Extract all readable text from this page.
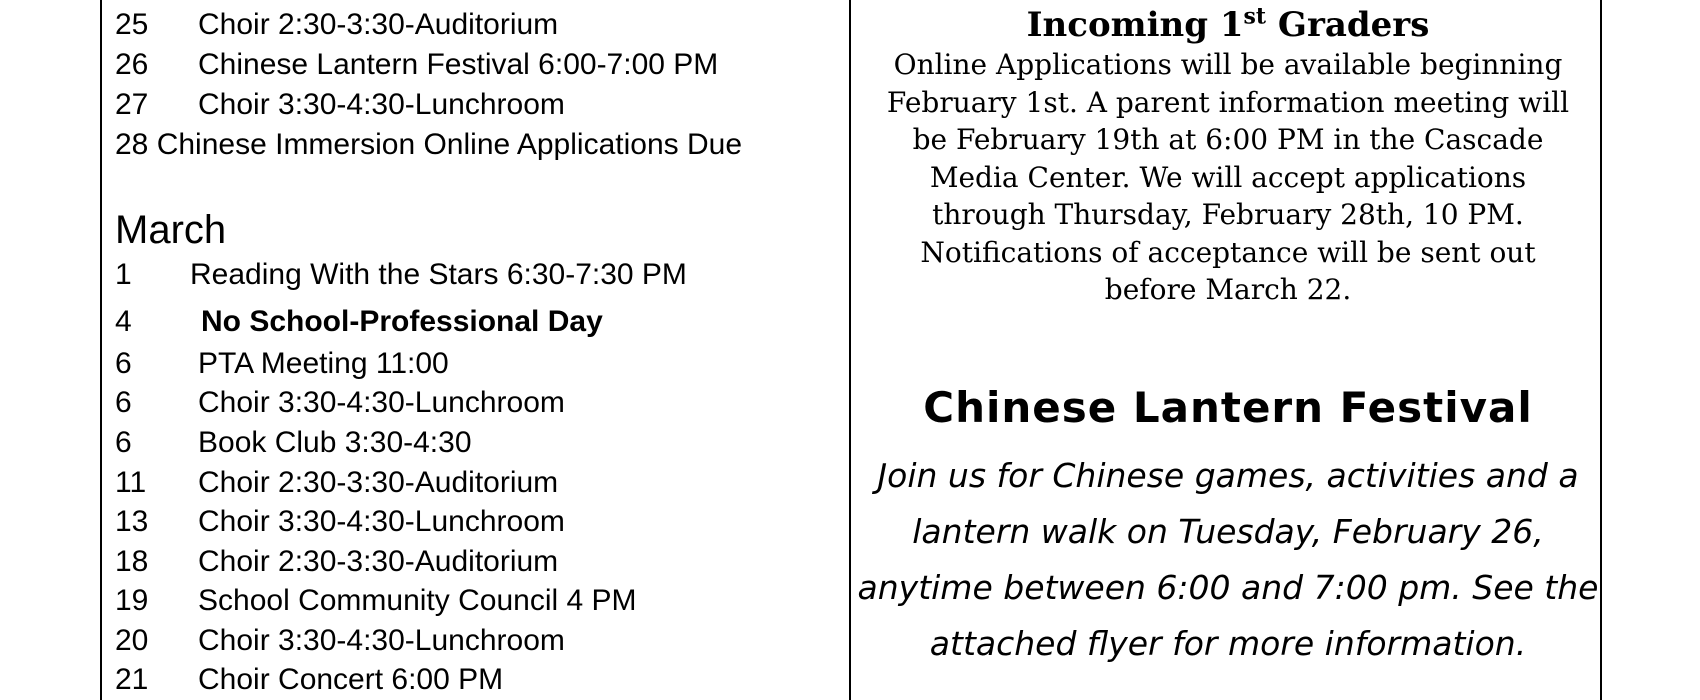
25 Choir 2:30-3:30-Auditorium
26 Chinese Lantern Festival 6:00-7:00 PM
27 Choir 3:30-4:30-Lunchroom
28 Chinese Immersion Online Applications Due
March
1 Reading With the Stars 6:30-7:30 PM
4 No School-Professional Day
6 PTA Meeting 11:00
6 Choir 3:30-4:30-Lunchroom
6 Book Club 3:30-4:30
11 Choir 2:30-3:30-Auditorium
13 Choir 3:30-4:30-Lunchroom
18 Choir 2:30-3:30-Auditorium
19 School Community Council 4 PM
20 Choir 3:30-4:30-Lunchroom
21 Choir Concert 6:00 PM
Incoming 1st Graders
Online Applications will be available beginning
February 1st. A parent information meeting will
be February 19th at 6:00 PM in the Cascade
Media Center. We will accept applications
through Thursday, February 28th, 10 PM.
Notifications of acceptance will be sent out
before March 22.
Chinese Lantern Festival
Join us for Chinese games, activities and a
lantern walk on Tuesday, February 26,
anytime between 6:00 and 7:00 pm. See the
attached flyer for more information.
